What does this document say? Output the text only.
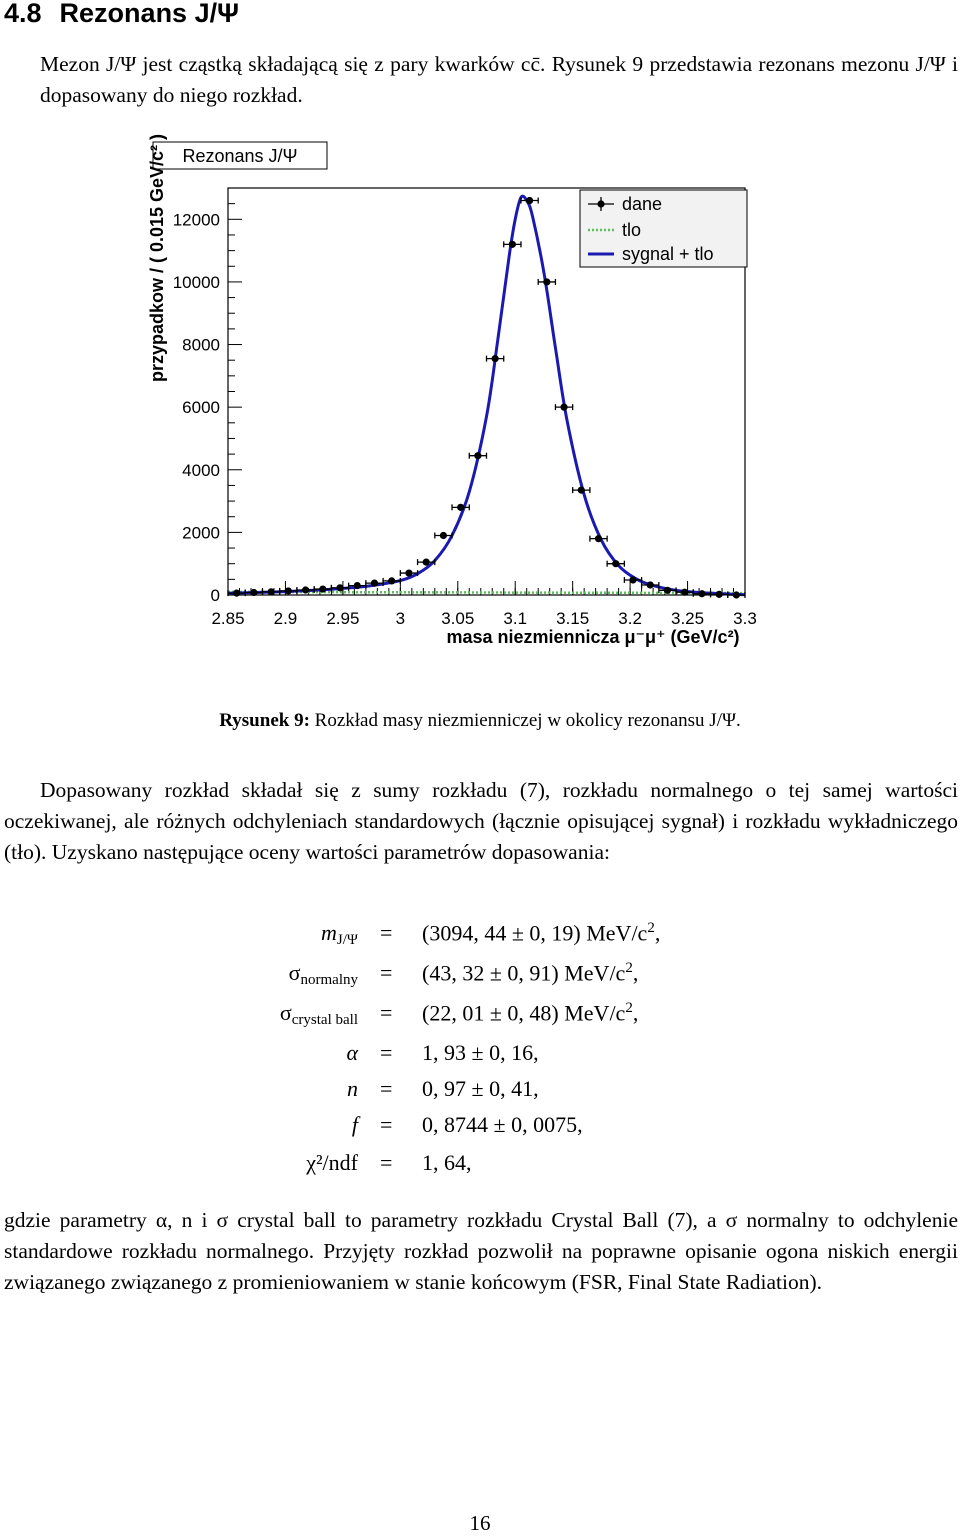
4.8 Rezonans J/Ψ
Mezon J/Ψ jest cząstką składającą się z pary kwarków cc̄. Rysunek 9 przedstawia rezonans mezonu J/Ψ i dopasowany do niego rozkład.
Rezonans J/Ψ
0
2000
4000
6000
8000
10000
12000
2.85 2.9 2.95 3 3.05 3.1 3.15 3.2 3.25 3.3
przypadkow / ( 0.015 GeV/c² )
masa niezmiennicza μ⁻μ⁺ (GeV/c²)
dane
tlo
sygnal + tlo
Rysunek 9: Rozkład masy niezmienniczej w okolicy rezonansu J/Ψ.
Dopasowany rozkład składał się z sumy rozkładu (7), rozkładu normalnego o tej samej wartości oczekiwanej, ale różnych odchyleniach standardowych (łącznie opisującej sygnał) i rozkładu wykładniczego (tło). Uzyskano następujące oceny wartości parametrów dopasowania:
$m_{J/\Psi} = (3094$, 44 ± 0, 19) MeV/$c^2$,
$\sigma_{normalny} = (43$, 32 ± 0, 91) MeV/$c^2$,
$\sigma_{crystal ball} = (22$, 01 ± 0, 48) MeV/$c^2$,
α = 1, 93 ± 0, 16,
n = 0, 97 ± 0, 41,
f = 0, 8744 ± 0, 0075,
χ²/ndf = 1, 64,
gdzie parametry α, n i σ crystal ball to parametry rozkładu Crystal Ball (7), a σ normalny to odchylenie standardowe rozkładu normalnego. Przyjęty rozkład pozwolił na poprawne opisanie ogona niskich energii związanego związanego z promieniowaniem w stanie końcowym (FSR, Final State Radiation).
16
